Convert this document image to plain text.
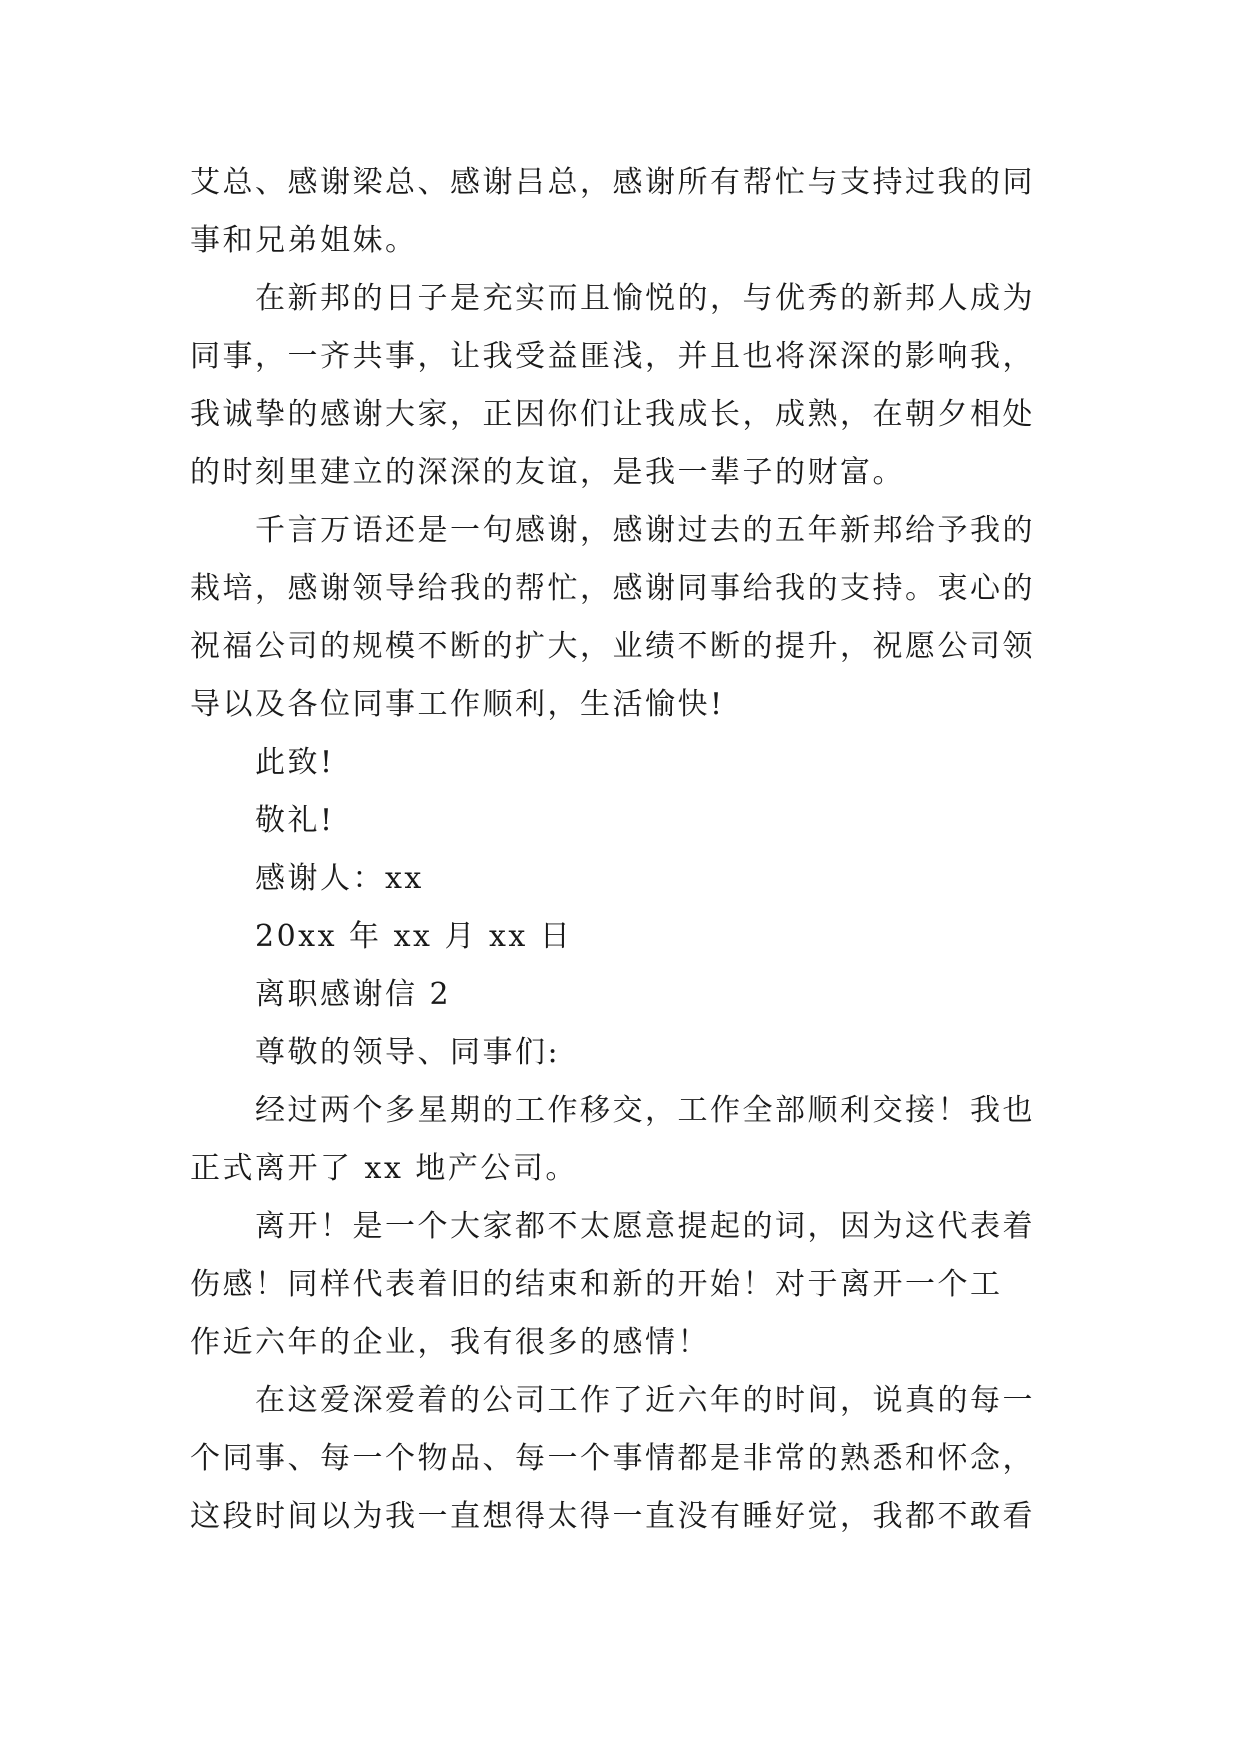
艾总、感谢梁总、感谢吕总，感谢所有帮忙与支持过我的同
事和兄弟姐妹。
在新邦的日子是充实而且愉悦的，与优秀的新邦人成为
同事，一齐共事，让我受益匪浅，并且也将深深的影响我，
我诚挚的感谢大家，正因你们让我成长，成熟，在朝夕相处
的时刻里建立的深深的友谊，是我一辈子的财富。
千言万语还是一句感谢，感谢过去的五年新邦给予我的
栽培，感谢领导给我的帮忙，感谢同事给我的支持。衷心的
祝福公司的规模不断的扩大，业绩不断的提升，祝愿公司领
导以及各位同事工作顺利，生活愉快!
此致!
敬礼!
感谢人：xx
20xx 年 xx 月 xx 日
离职感谢信 2
尊敬的领导、同事们:
经过两个多星期的工作移交，工作全部顺利交接！我也
正式离开了 xx 地产公司。
离开！是一个大家都不太愿意提起的词，因为这代表着
伤感！同样代表着旧的结束和新的开始！对于离开一个工
作近六年的企业，我有很多的感情！
在这爱深爱着的公司工作了近六年的时间，说真的每一
个同事、每一个物品、每一个事情都是非常的熟悉和怀念，
这段时间以为我一直想得太得一直没有睡好觉，我都不敢看
